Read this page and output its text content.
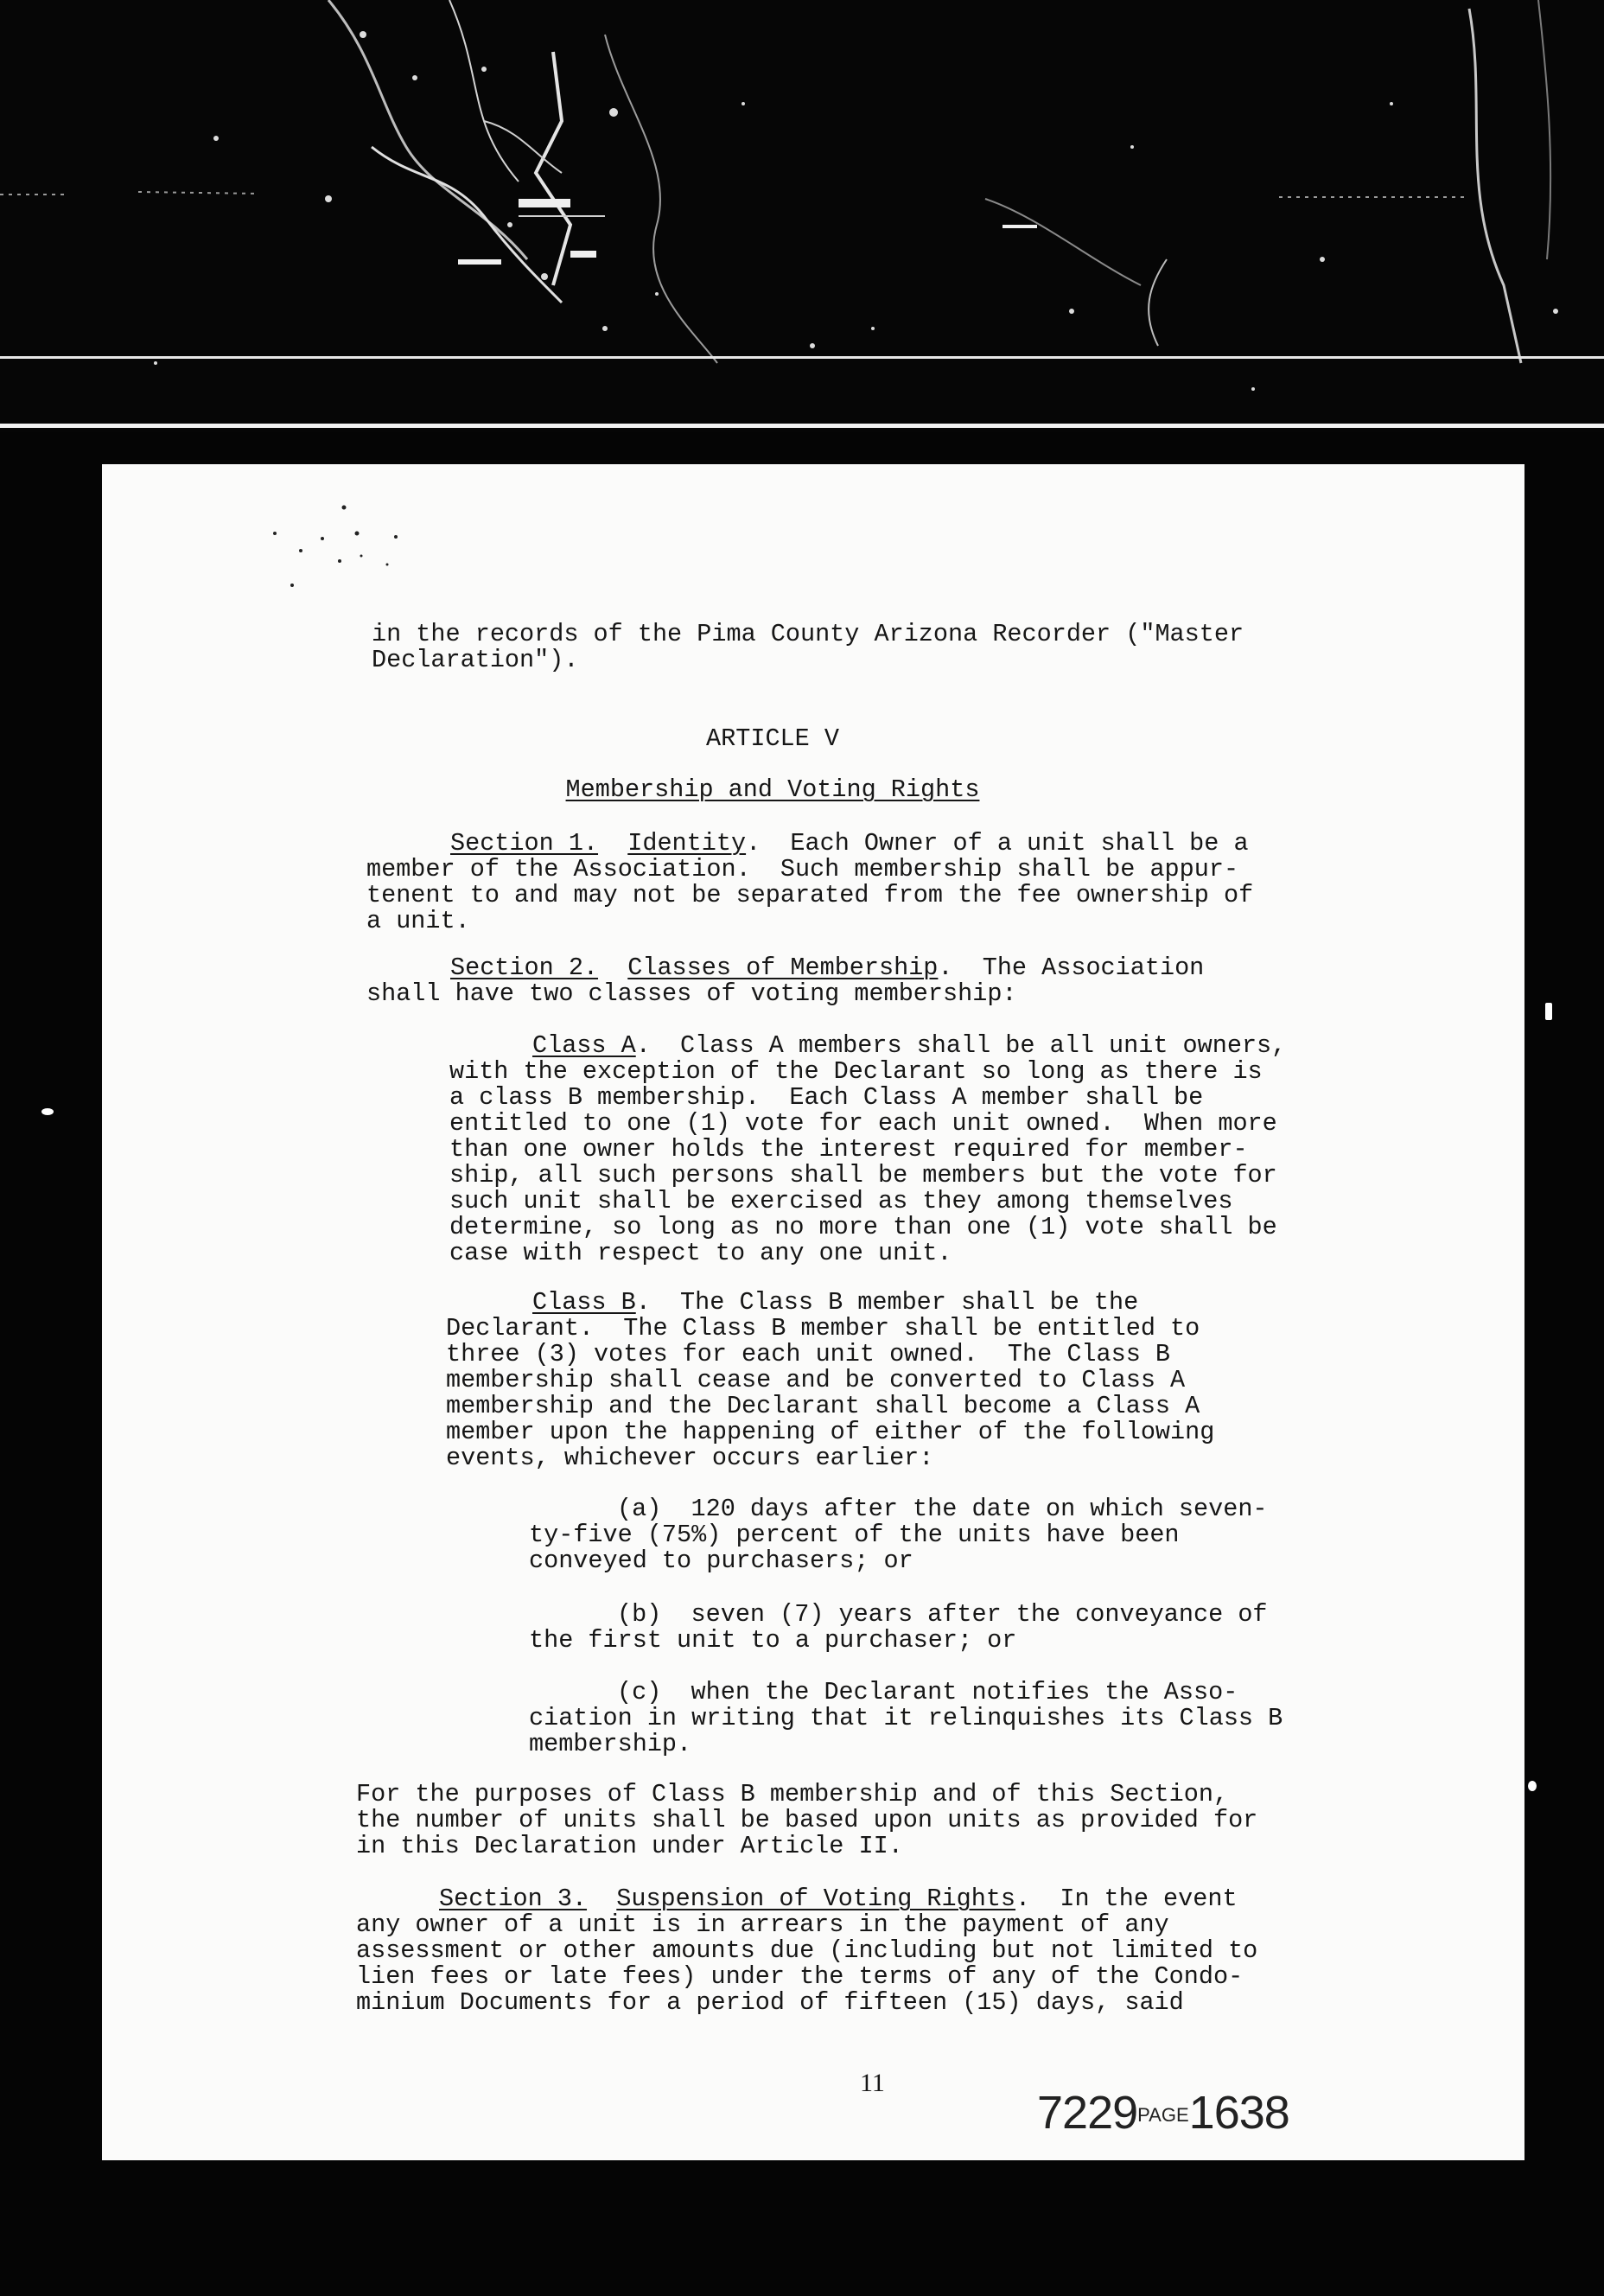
in the records of the Pima County Arizona Recorder ("Master
Declaration").
ARTICLE V
Membership and Voting Rights
Section 1. Identity.  Each Owner of a unit shall be a
member of the Association.  Such membership shall be appur-
tenent to and may not be separated from the fee ownership of
a unit.
Section 2. Classes of Membership.  The Association
shall have two classes of voting membership:
Class A.  Class A members shall be all unit owners,
with the exception of the Declarant so long as there is
a class B membership.  Each Class A member shall be
entitled to one (1) vote for each unit owned.  When more
than one owner holds the interest required for member-
ship, all such persons shall be members but the vote for
such unit shall be exercised as they among themselves
determine, so long as no more than one (1) vote shall be
case with respect to any one unit.
Class B.  The Class B member shall be the
Declarant.  The Class B member shall be entitled to
three (3) votes for each unit owned.  The Class B
membership shall cease and be converted to Class A
membership and the Declarant shall become a Class A
member upon the happening of either of the following
events, whichever occurs earlier:
(a)  120 days after the date on which seven-
ty-five (75%) percent of the units have been
conveyed to purchasers; or
(b)  seven (7) years after the conveyance of
the first unit to a purchaser; or
(c)  when the Declarant notifies the Asso-
ciation in writing that it relinquishes its Class B
membership.
For the purposes of Class B membership and of this Section,
the number of units shall be based upon units as provided for
in this Declaration under Article II.
Section 3. Suspension of Voting Rights.  In the event
any owner of a unit is in arrears in the payment of any
assessment or other amounts due (including but not limited to
lien fees or late fees) under the terms of any of the Condo-
minium Documents for a period of fifteen (15) days, said
11
7229PAGE1638
